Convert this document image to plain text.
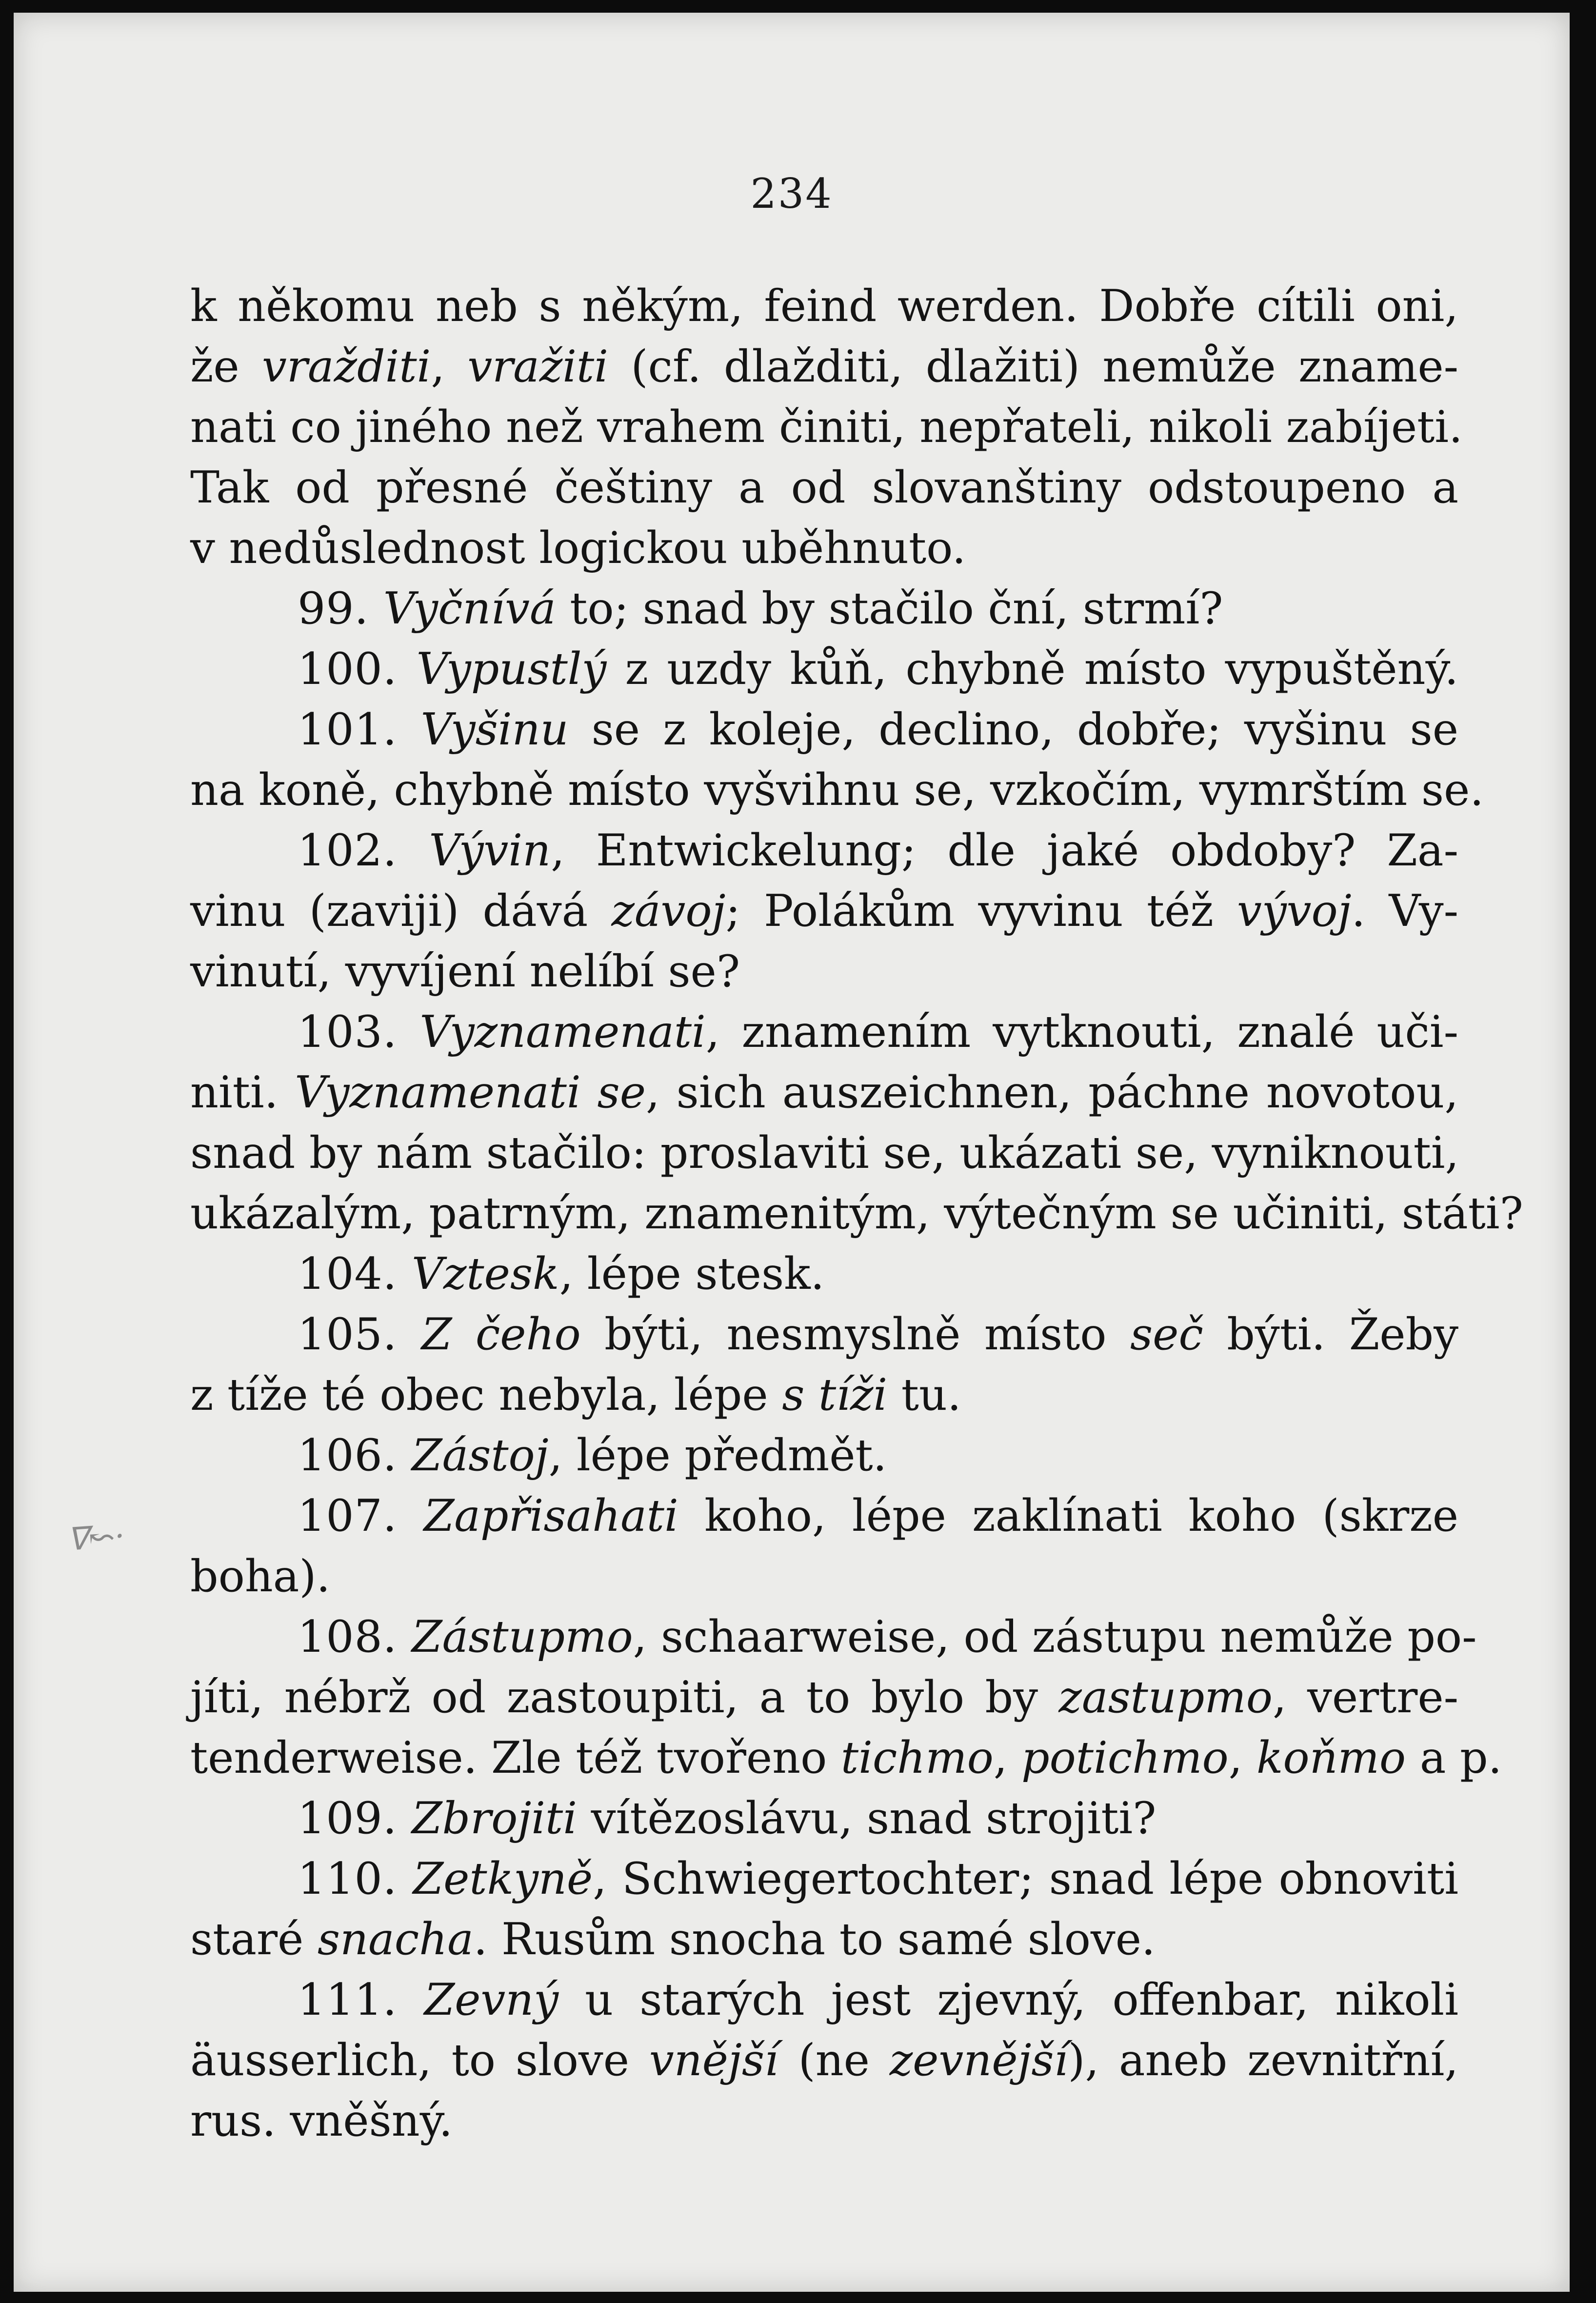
234
k někomu neb s někým, feind werden. Dobře cítili oni,
že vražditi, vražiti (cf. dlažditi, dlažiti) nemůže zname-
nati co jiného než vrahem činiti, nepřateli, nikoli zabíjeti.
Tak od přesné češtiny a od slovanštiny odstoupeno a
v nedůslednost logickou uběhnuto.
99. Vyčnívá to; snad by stačilo ční, strmí?
100. Vypustlý z uzdy kůň, chybně místo vypuštěný.
101. Vyšinu se z koleje, declino, dobře; vyšinu se
na koně, chybně místo vyšvihnu se, vzkočím, vymrštím se.
102. Vývin, Entwickelung; dle jaké obdoby? Za-
vinu (zaviji) dává závoj; Polákům vyvinu též vývoj. Vy-
vinutí, vyvíjení nelíbí se?
103. Vyznamenati, znamením vytknouti, znalé uči-
niti. Vyznamenati se, sich auszeichnen, páchne novotou,
snad by nám stačilo: proslaviti se, ukázati se, vyniknouti,
ukázalým, patrným, znamenitým, výtečným se učiniti, státi?
104. Vztesk, lépe stesk.
105. Z čeho býti, nesmyslně místo seč býti. Žeby
z tíže té obec nebyla, lépe s tíži tu.
106. Zástoj, lépe předmět.
107. Zapřisahati koho, lépe zaklínati koho (skrze
boha).
108. Zástupmo, schaarweise, od zástupu nemůže po-
jíti, nébrž od zastoupiti, a to bylo by zastupmo, vertre-
tenderweise. Zle též tvořeno tichmo, potichmo, koňmo a p.
109. Zbrojiti vítězoslávu, snad strojiti?
110. Zetkyně, Schwiegertochter; snad lépe obnoviti
staré snacha. Rusům snocha to samé slove.
111. Zevný u starých jest zjevný, offenbar, nikoli
äusserlich, to slove vnější (ne zevnější), aneb zevnitřní,
rus. vněšný.
ᐁ↜·
